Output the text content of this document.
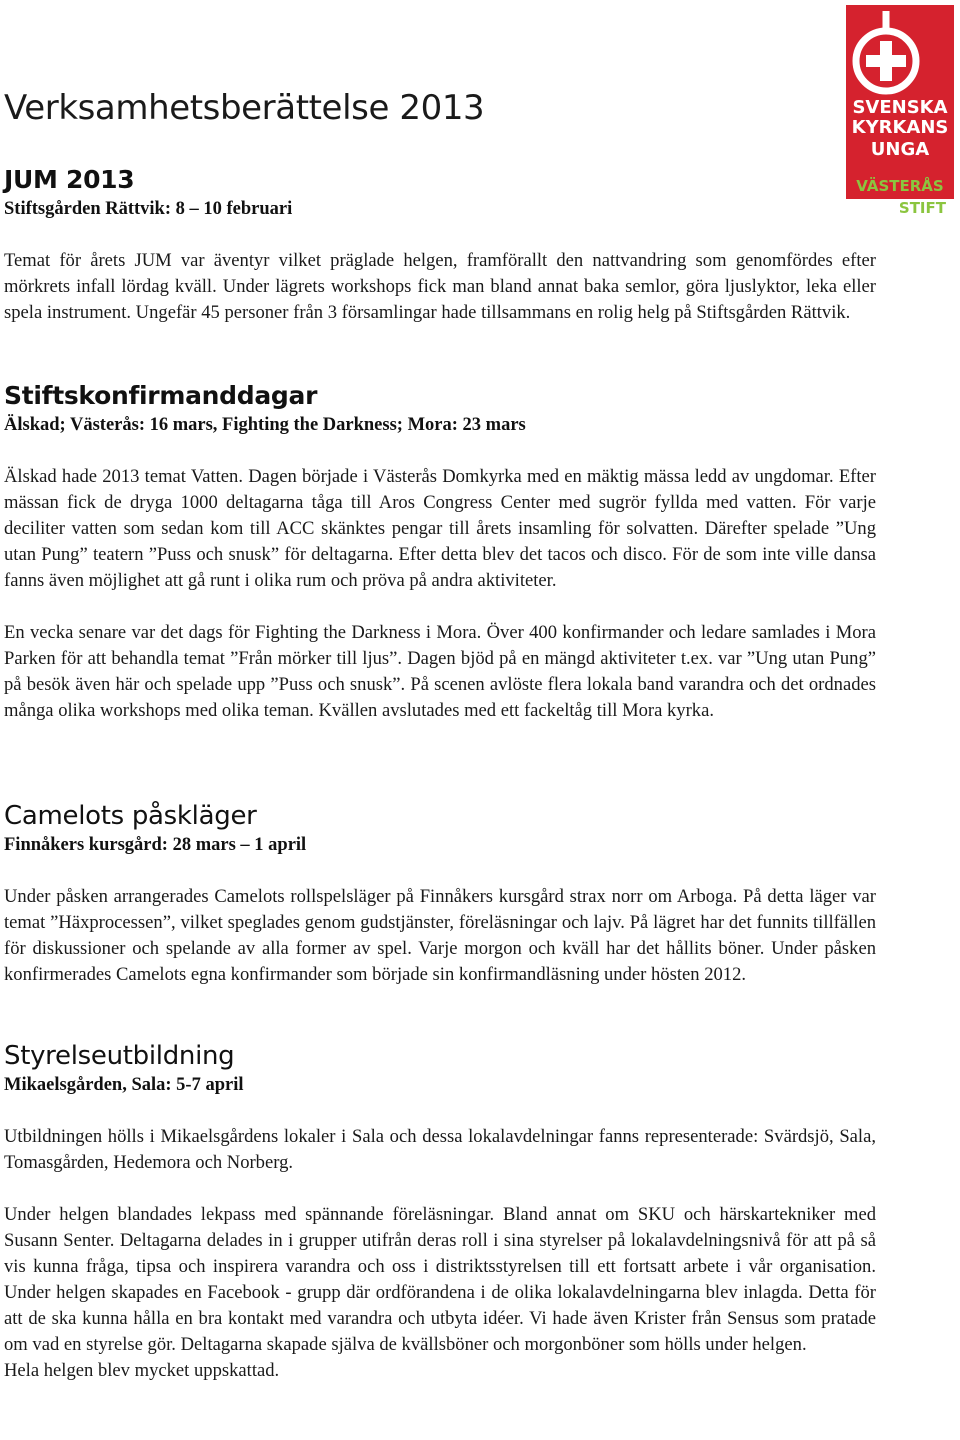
Verksamhetsberättelse 2013	SVENSKA
KYRKANS
UNGA
VÄSTERÅS
STIFT
JUM 2013

Stiftsgården Rättvik: 8 – 10 februari

Temat för årets JUM var äventyr vilket präglade helgen, framförallt den nattvandring som genomfördes efter mörkrets infall lördag kväll. Under lägrets workshops fick man bland annat baka semlor, göra ljuslyktor, leka eller spela instrument. Ungefär 45 personer från 3 församlingar hade tillsammans en rolig helg på Stiftsgården Rättvik.

Stiftskonfirmanddagar

Älskad; Västerås: 16 mars, Fighting the Darkness; Mora: 23 mars

Älskad hade 2013 temat Vatten. Dagen började i Västerås Domkyrka med en mäktig mässa ledd av ungdomar. Efter mässan fick de dryga 1000 deltagarna tåga till Aros Congress Center med sugrör fyllda med vatten. För varje deciliter vatten som sedan kom till ACC skänktes pengar till årets insamling för solvatten. Därefter spelade ”Ung utan Pung” teatern ”Puss och snusk” för deltagarna. Efter detta blev det tacos och disco. För de som inte ville dansa fanns även möjlighet att gå runt i olika rum och pröva på andra aktiviteter.

En vecka senare var det dags för Fighting the Darkness i Mora. Över 400 konfirmander och ledare samlades i Mora Parken för att behandla temat ”Från mörker till ljus”. Dagen bjöd på en mängd aktiviteter t.ex. var ”Ung utan Pung” på besök även här och spelade upp ”Puss och snusk”. På scenen avlöste flera lokala band varandra och det ordnades många olika workshops med olika teman. Kvällen avslutades med ett fackeltåg till Mora kyrka.

Camelots påskläger

Finnåkers kursgård: 28 mars – 1 april

Under påsken arrangerades Camelots rollspelsläger på Finnåkers kursgård strax norr om Arboga. På detta läger var temat ”Häxprocessen”, vilket speglades genom gudstjänster, föreläsningar och lajv. På lägret har det funnits tillfällen för diskussioner och spelande av alla former av spel. Varje morgon och kväll har det hållits böner. Under påsken konfirmerades Camelots egna konfirmander som började sin konfirmandläsning under hösten 2012.

Styrelseutbildning

Mikaelsgården, Sala: 5-7 april

Utbildningen hölls i Mikaelsgårdens lokaler i Sala och dessa lokalavdelningar fanns representerade: Svärdsjö, Sala, Tomasgården, Hedemora och Norberg.

Under helgen blandades lekpass med spännande föreläsningar. Bland annat om SKU och härskartekniker med Susann Senter. Deltagarna delades in i grupper utifrån deras roll i sina styrelser på lokalavdelningsnivå för att på så vis kunna fråga, tipsa och inspirera varandra och oss i distriktsstyrelsen till ett fortsatt arbete i vår organisation. Under helgen skapades en Facebook - grupp där ordförandena i de olika lokalavdelningarna blev inlagda. Detta för att de ska kunna hålla en bra kontakt med varandra och utbyta idéer. Vi hade även Krister från Sensus som pratade om vad en styrelse gör. Deltagarna skapade själva de kvällsböner och morgonböner som hölls under helgen.

Hela helgen blev mycket uppskattad.
